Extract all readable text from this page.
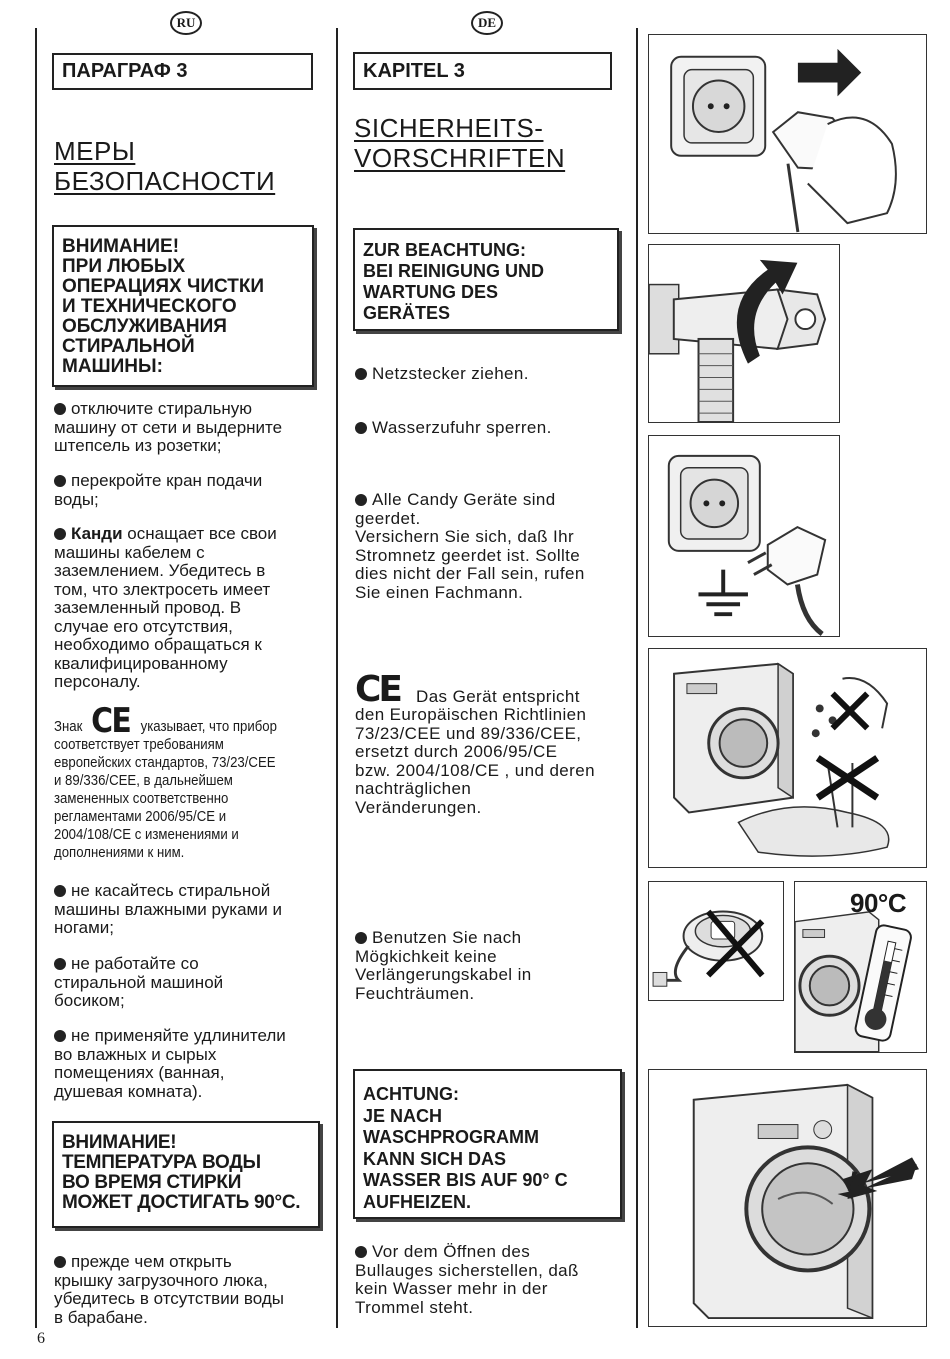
RU	DE
ПАРАГРАФ 3
МЕРЫ
БЕЗОПАСНОСТИ
ВНИМАНИЕ!
ПРИ ЛЮБЫХ
ОПЕРАЦИЯХ ЧИСТКИ
И ТЕХНИЧЕСКОГО
ОБСЛУЖИВАНИЯ
СТИРАЛЬНОЙ
МАШИНЫ:
отключите стиральную
машину от сети и выдерните
штепсель из розетки;
перекройте кран подачи
воды;
Канди оснащает все свои
машины кабелем с
заземлением. Убедитесь в
том, что злектросеть имеет
заземленный провод. В
случае его отсутствия,
необходимо обращаться к
квалифицированному
персоналу.
Знак CE указывает, что прибор
соответствует требованиям
европейских стандартов, 73/23/CEE
и 89/336/CEE, в дальнейшем
замененных соответственно
регламентами 2006/95/CE и
2004/108/CE с изменениями и
дополнениями к ним.
не касайтесь стиральной
машины влажными руками и
ногами;
не работайте со
стиральной машиной
босиком;
не применяйте удлинители
во влажных и сырых
помещениях (ванная,
душевая комната).
ВНИМАНИЕ!
ТЕМПЕРАТУРА ВОДЫ
ВО ВРЕМЯ СТИРКИ
МОЖЕТ ДОСТИГАТЬ 90°C.
прежде чем открыть
крышку загрузочного люка,
убедитесь в отсутствии воды
в барабане.
6
KAPITEL 3
SICHERHEITS-
VORSCHRIFTEN
ZUR BEACHTUNG:
BEI REINIGUNG UND
WARTUNG DES
GERÄTES
Netzstecker ziehen.
Wasserzufuhr sperren.
Alle Candy Geräte sind
geerdet.
Versichern Sie sich, daß Ihr
Stromnetz geerdet ist. Sollte
dies nicht der Fall sein, rufen
Sie einen Fachmann.
CE Das Gerät entspricht
den Europäischen Richtlinien
73/23/CEE und 89/336/CEE,
ersetzt durch 2006/95/CE
bzw. 2004/108/CE , und deren
nachträglichen
Veränderungen.
Benutzen Sie nach
Mögkichkeit keine
Verlängerungskabel in
Feuchträumen.
ACHTUNG:
JE NACH
WASCHPROGRAMM
KANN SICH DAS
WASSER BIS AUF 90° C
AUFHEIZEN.
Vor dem Öffnen des
Bullauges sicherstellen, daß
kein Wasser mehr in der
Trommel steht.
90°C
